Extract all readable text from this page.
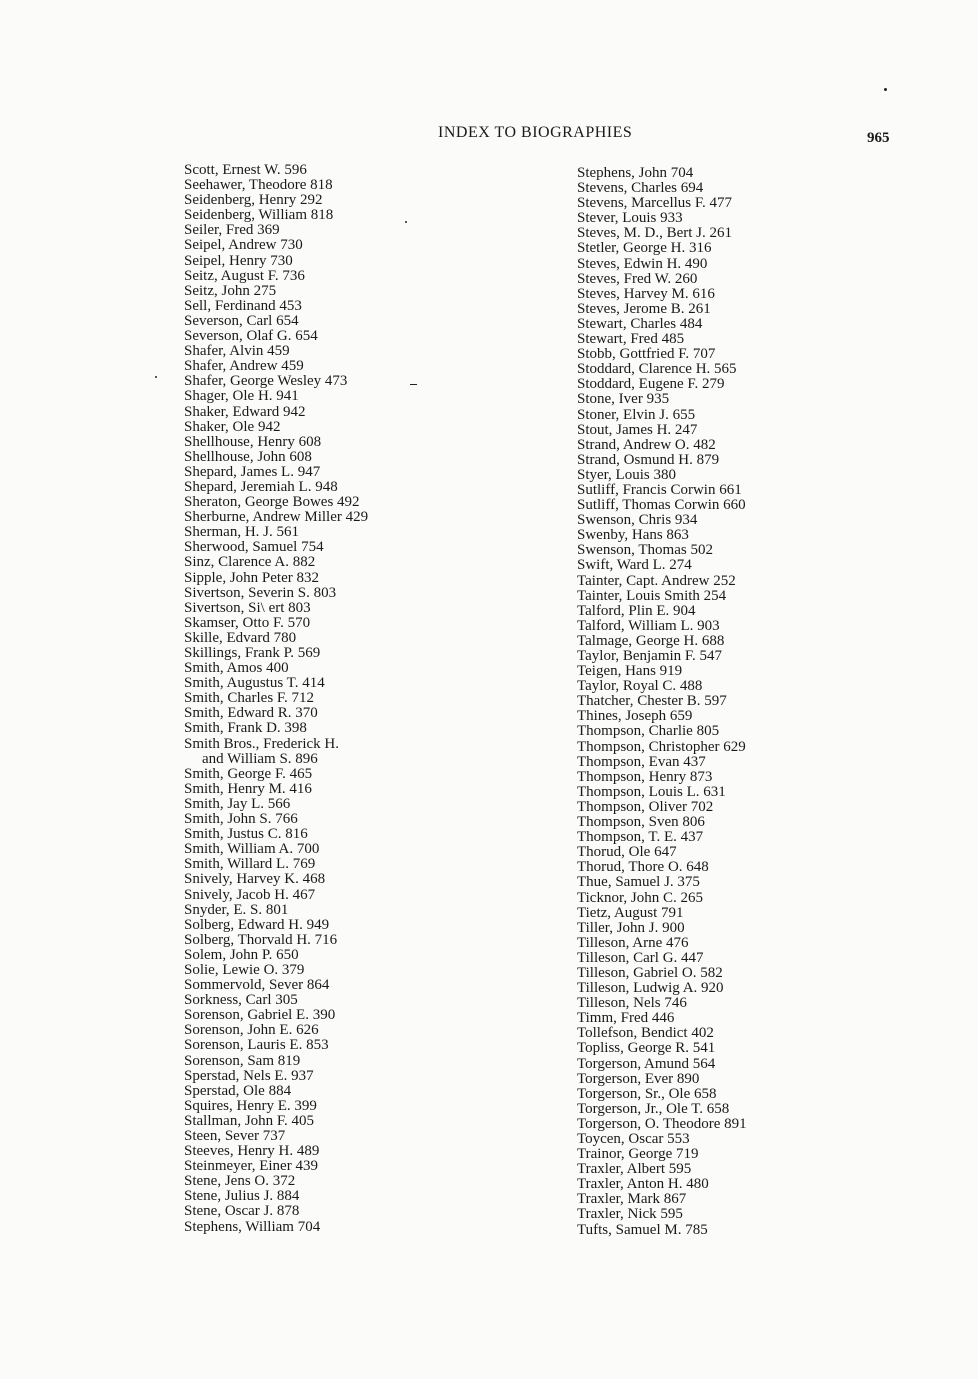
INDEX TO BIOGRAPHIES	965
Scott, Ernest W. 596
Seehawer, Theodore 818
Seidenberg, Henry 292
Seidenberg, William 818
Seiler, Fred 369
Seipel, Andrew 730
Seipel, Henry 730
Seitz, August F. 736
Seitz, John 275
Sell, Ferdinand 453
Severson, Carl 654
Severson, Olaf G. 654
Shafer, Alvin 459
Shafer, Andrew 459
Shafer, George Wesley 473
Shager, Ole H. 941
Shaker, Edward 942
Shaker, Ole 942
Shellhouse, Henry 608
Shellhouse, John 608
Shepard, James L. 947
Shepard, Jeremiah L. 948
Sheraton, George Bowes 492
Sherburne, Andrew Miller 429
Sherman, H. J. 561
Sherwood, Samuel 754
Sinz, Clarence A. 882
Sipple, John Peter 832
Sivertson, Severin S. 803
Sivertson, Si\ ert 803
Skamser, Otto F. 570
Skille, Edvard 780
Skillings, Frank P. 569
Smith, Amos 400
Smith, Augustus T. 414
Smith, Charles F. 712
Smith, Edward R. 370
Smith, Frank D. 398
Smith Bros., Frederick H.
and William S. 896
Smith, George F. 465
Smith, Henry M. 416
Smith, Jay L. 566
Smith, John S. 766
Smith, Justus C. 816
Smith, William A. 700
Smith, Willard L. 769
Snively, Harvey K. 468
Snively, Jacob H. 467
Snyder, E. S. 801
Solberg, Edward H. 949
Solberg, Thorvald H. 716
Solem, John P. 650
Solie, Lewie O. 379
Sommervold, Sever 864
Sorkness, Carl 305
Sorenson, Gabriel E. 390
Sorenson, John E. 626
Sorenson, Lauris E. 853
Sorenson, Sam 819
Sperstad, Nels E. 937
Sperstad, Ole 884
Squires, Henry E. 399
Stallman, John F. 405
Steen, Sever 737
Steeves, Henry H. 489
Steinmeyer, Einer 439
Stene, Jens O. 372
Stene, Julius J. 884
Stene, Oscar J. 878
Stephens, William 704
Stephens, John 704
Stevens, Charles 694
Stevens, Marcellus F. 477
Stever, Louis 933
Steves, M. D., Bert J. 261
Stetler, George H. 316
Steves, Edwin H. 490
Steves, Fred W. 260
Steves, Harvey M. 616
Steves, Jerome B. 261
Stewart, Charles 484
Stewart, Fred 485
Stobb, Gottfried F. 707
Stoddard, Clarence H. 565
Stoddard, Eugene F. 279
Stone, Iver 935
Stoner, Elvin J. 655
Stout, James H. 247
Strand, Andrew O. 482
Strand, Osmund H. 879
Styer, Louis 380
Sutliff, Francis Corwin 661
Sutliff, Thomas Corwin 660
Swenson, Chris 934
Swenby, Hans 863
Swenson, Thomas 502
Swift, Ward L. 274
Tainter, Capt. Andrew 252
Tainter, Louis Smith 254
Talford, Plin E. 904
Talford, William L. 903
Talmage, George H. 688
Taylor, Benjamin F. 547
Teigen, Hans 919
Taylor, Royal C. 488
Thatcher, Chester B. 597
Thines, Joseph 659
Thompson, Charlie 805
Thompson, Christopher 629
Thompson, Evan 437
Thompson, Henry 873
Thompson, Louis L. 631
Thompson, Oliver 702
Thompson, Sven 806
Thompson, T. E. 437
Thorud, Ole 647
Thorud, Thore O. 648
Thue, Samuel J. 375
Ticknor, John C. 265
Tietz, August 791
Tiller, John J. 900
Tilleson, Arne 476
Tilleson, Carl G. 447
Tilleson, Gabriel O. 582
Tilleson, Ludwig A. 920
Tilleson, Nels 746
Timm, Fred 446
Tollefson, Bendict 402
Topliss, George R. 541
Torgerson, Amund 564
Torgerson, Ever 890
Torgerson, Sr., Ole 658
Torgerson, Jr., Ole T. 658
Torgerson, O. Theodore 891
Toycen, Oscar 553
Trainor, George 719
Traxler, Albert 595
Traxler, Anton H. 480
Traxler, Mark 867
Traxler, Nick 595
Tufts, Samuel M. 785
